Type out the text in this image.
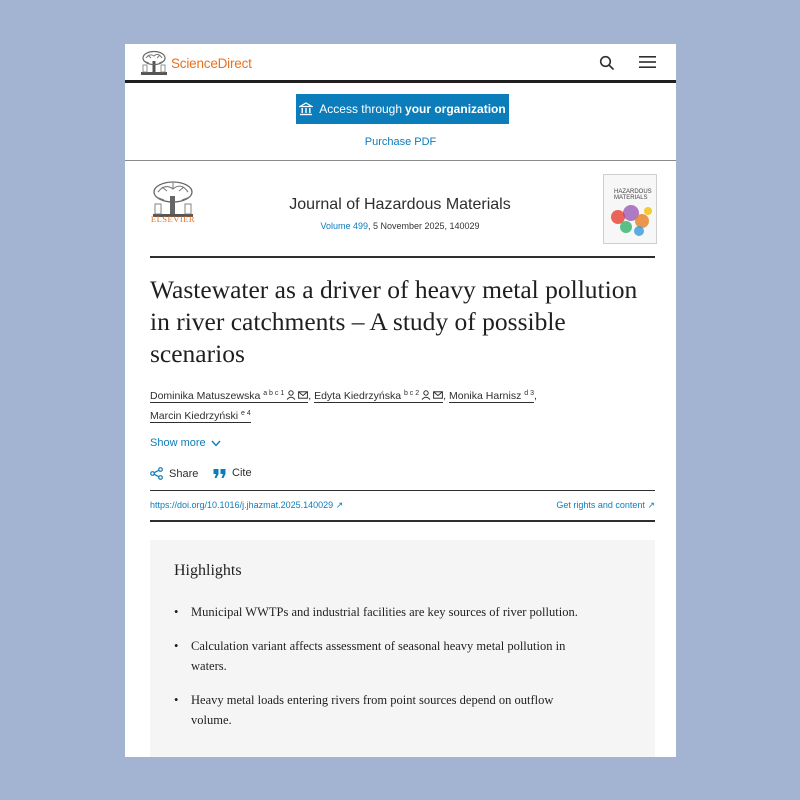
ScienceDirect
Access through your organization
Purchase PDF
ELSEVIER
Journal of Hazardous Materials
Volume 499, 5 November 2025, 140029
HAZARDOUS
MATERIALS
Wastewater as a driver of heavy metal pollution in river catchments – A study of possible scenarios
Dominika Matuszewska $^{a b c 1}$ , Edyta Kiedrzyńska $^{b c 2}$ , Monika Harnisz $^{d 3}$,
Marcin Kiedrzyński $^{e 4}$
Show more
Share	Cite
https://doi.org/10.1016/j.jhazmat.2025.140029 ↗	Get rights and content ↗
Highlights
• Municipal WWTPs and industrial facilities are key sources of river pollution.
• Calculation variant affects assessment of seasonal heavy metal pollution in waters.
• Heavy metal loads entering rivers from point sources depend on outflow volume.
